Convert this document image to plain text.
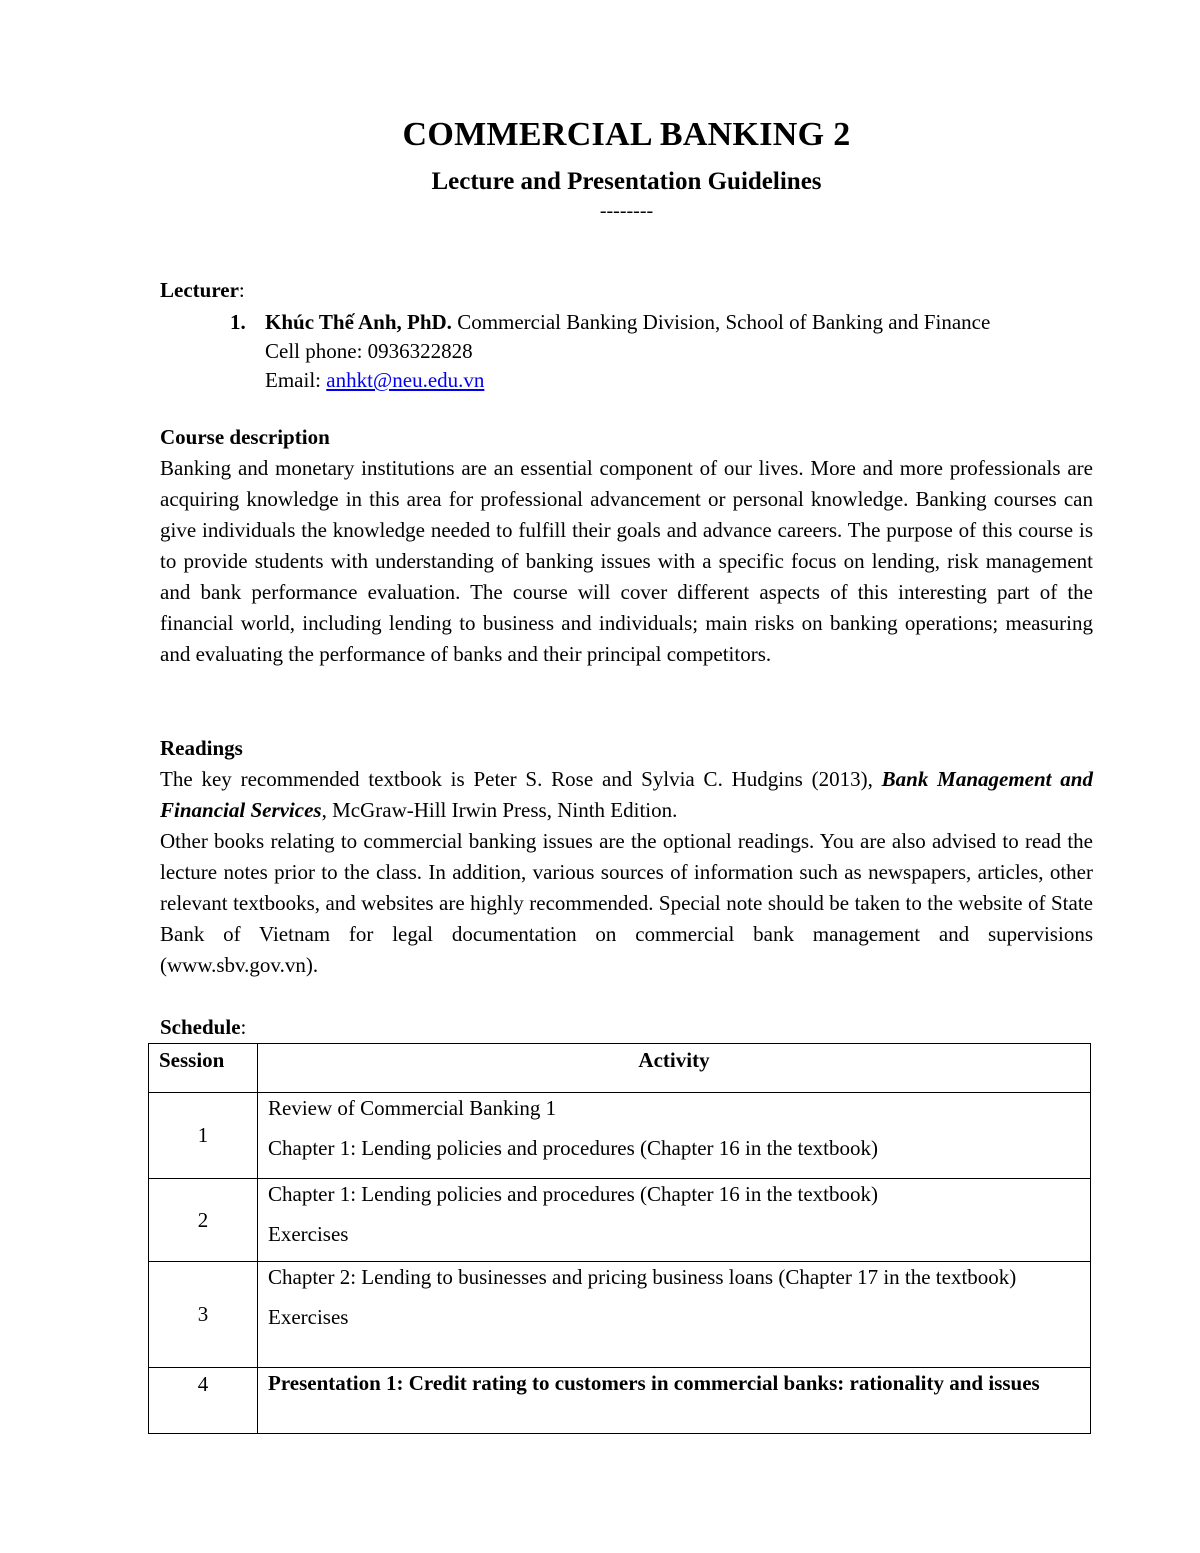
COMMERCIAL BANKING 2
Lecture and Presentation Guidelines
--------
Lecturer:
1. Khúc Thế Anh, PhD. Commercial Banking Division, School of Banking and Finance
Cell phone: 0936322828
Email: anhkt@neu.edu.vn
Course description

Banking and monetary institutions are an essential component of our lives. More and more professionals are acquiring knowledge in this area for professional advancement or personal knowledge. Banking courses can give individuals the knowledge needed to fulfill their goals and advance careers. The purpose of this course is to provide students with understanding of banking issues with a specific focus on lending, risk management and bank performance evaluation. The course will cover different aspects of this interesting part of the financial world, including lending to business and individuals; main risks on banking operations; measuring and evaluating the performance of banks and their principal competitors.

Readings

The key recommended textbook is Peter S. Rose and Sylvia C. Hudgins (2013), Bank Management and Financial Services, McGraw-Hill Irwin Press, Ninth Edition.

Other books relating to commercial banking issues are the optional readings. You are also advised to read the lecture notes prior to the class. In addition, various sources of information such as newspapers, articles, other relevant textbooks, and websites are highly recommended. Special note should be taken to the website of State Bank of Vietnam for legal documentation on commercial bank management and supervisions (www.sbv.gov.vn).

Schedule:
Session	Activity
1	Review of Commercial Banking 1

Chapter 1: Lending policies and procedures (Chapter 16 in the textbook)

2	Chapter 1: Lending policies and procedures (Chapter 16 in the textbook)

Exercises

3	Chapter 2: Lending to businesses and pricing business loans (Chapter 17 in the textbook)

Exercises

4	Presentation 1: Credit rating to customers in commercial banks: rationality and issues
